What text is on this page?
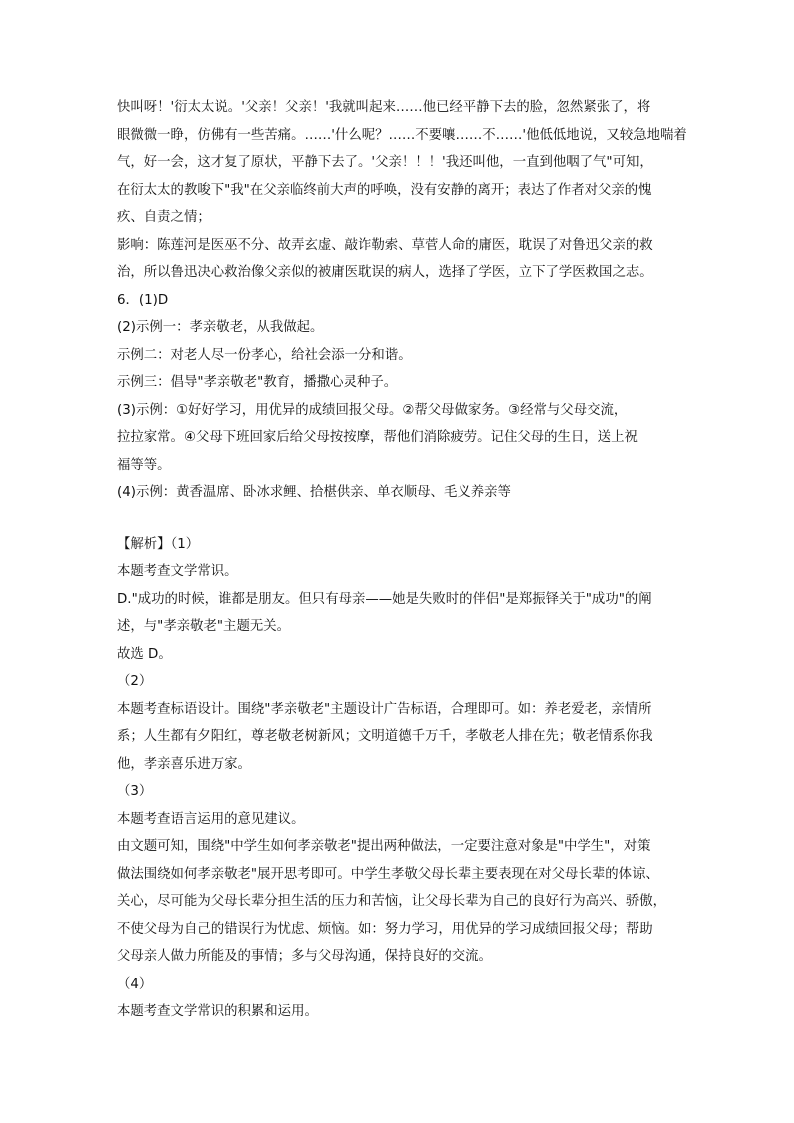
快叫呀！'衍太太说。'父亲！父亲！'我就叫起来……他已经平静下去的脸，忽然紧张了，将
眼微微一睁，仿佛有一些苦痛。……'什么呢？……不要嚷……不……'他低低地说，又较急地喘着
气，好一会，这才复了原状，平静下去了。'父亲！！！'我还叫他，一直到他咽了气"可知，
在衍太太的教唆下"我"在父亲临终前大声的呼唤，没有安静的离开；表达了作者对父亲的愧
疚、自责之情；
影响：陈莲河是医巫不分、故弄玄虚、敲诈勒索、草菅人命的庸医，耽误了对鲁迅父亲的救
治，所以鲁迅决心救治像父亲似的被庸医耽误的病人，选择了学医，立下了学医救国之志。
6．(1)D
(2)示例一：孝亲敬老，从我做起。
示例二：对老人尽一份孝心，给社会添一分和谐。
示例三：倡导"孝亲敬老"教育，播撒心灵种子。
(3)示例：①好好学习，用优异的成绩回报父母。②帮父母做家务。③经常与父母交流，
拉拉家常。④父母下班回家后给父母按按摩，帮他们消除疲劳。记住父母的生日，送上祝
福等等。
(4)示例：黄香温席、卧冰求鲤、拾椹供亲、单衣顺母、毛义养亲等
【解析】（1）
本题考查文学常识。
D."成功的时候，谁都是朋友。但只有母亲——她是失败时的伴侣"是郑振铎关于"成功"的阐
述，与"孝亲敬老"主题无关。
故选 D。
（2）
本题考查标语设计。围绕"孝亲敬老"主题设计广告标语，合理即可。如：养老爱老，亲情所
系；人生都有夕阳红，尊老敬老树新风；文明道德千万千，孝敬老人排在先；敬老情系你我
他，孝亲喜乐进万家。
（3）
本题考查语言运用的意见建议。
由文题可知，围绕"中学生如何孝亲敬老"提出两种做法，一定要注意对象是"中学生"，对策
做法围绕如何孝亲敬老"展开思考即可。中学生孝敬父母长辈主要表现在对父母长辈的体谅、
关心，尽可能为父母长辈分担生活的压力和苦恼，让父母长辈为自己的良好行为高兴、骄傲，
不使父母为自己的错误行为忧虑、烦恼。如：努力学习，用优异的学习成绩回报父母；帮助
父母亲人做力所能及的事情；多与父母沟通，保持良好的交流。
（4）
本题考查文学常识的积累和运用。
